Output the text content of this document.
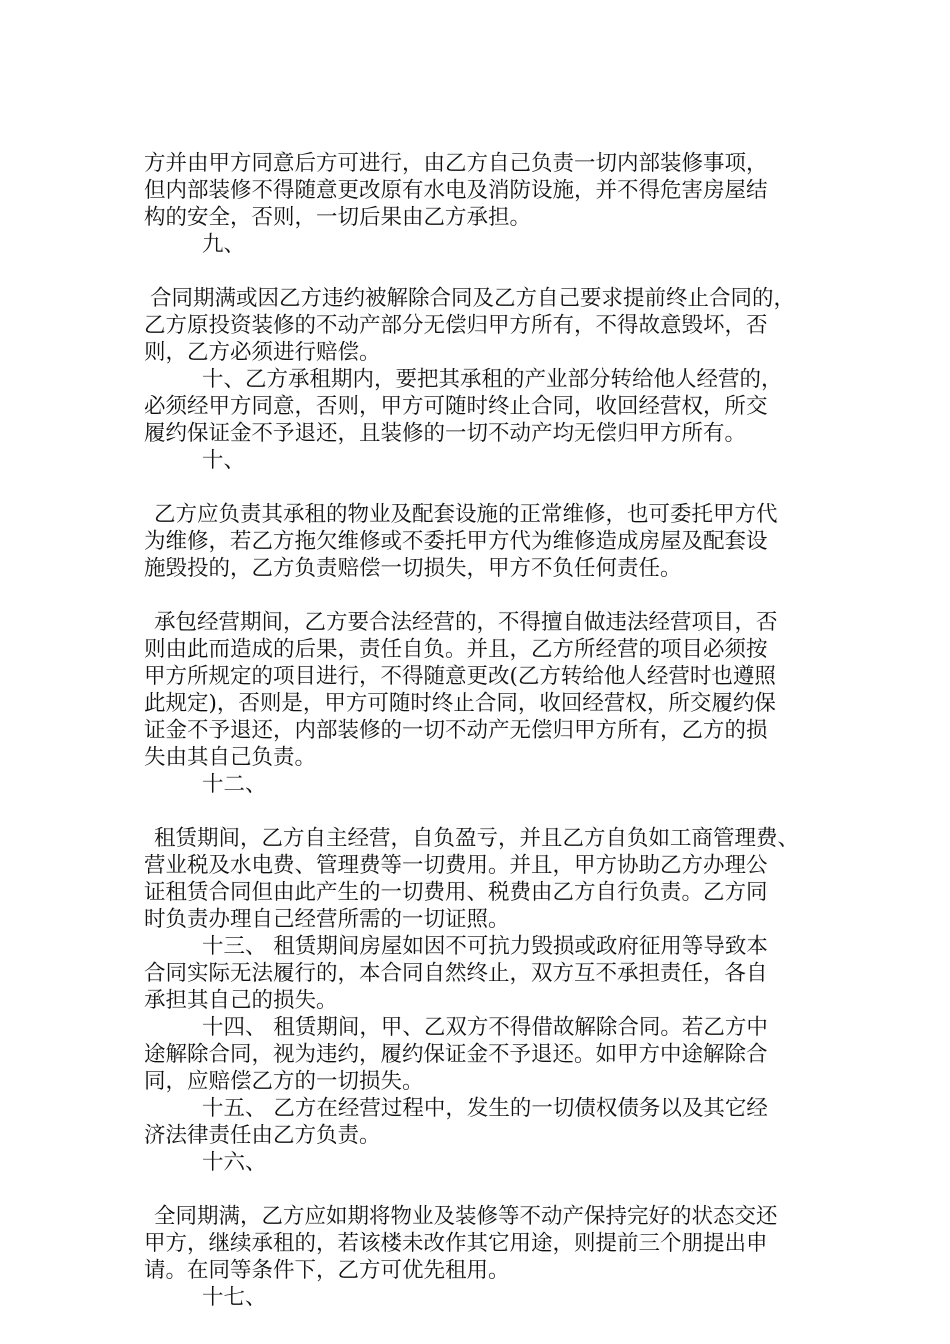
方并由甲方同意后方可进行，由乙方自己负责一切内部装修事项，
但内部装修不得随意更改原有水电及消防设施，并不得危害房屋结
构的安全，否则，一切后果由乙方承担。
九、
合同期满或因乙方违约被解除合同及乙方自己要求提前终止合同的，
乙方原投资装修的不动产部分无偿归甲方所有，不得故意毁坏，否
则，乙方必须进行赔偿。
十、乙方承租期内，要把其承租的产业部分转给他人经营的，
必须经甲方同意，否则，甲方可随时终止合同，收回经营权，所交
履约保证金不予退还，且装修的一切不动产均无偿归甲方所有。
十、
乙方应负责其承租的物业及配套设施的正常维修，也可委托甲方代
为维修，若乙方拖欠维修或不委托甲方代为维修造成房屋及配套设
施毁投的，乙方负责赔偿一切损失，甲方不负任何责任。
承包经营期间，乙方要合法经营的，不得擅自做违法经营项目，否
则由此而造成的后果，责任自负。并且，乙方所经营的项目必须按
甲方所规定的项目进行，不得随意更改(乙方转给他人经营时也遵照
此规定)，否则是，甲方可随时终止合同，收回经营权，所交履约保
证金不予退还，内部装修的一切不动产无偿归甲方所有，乙方的损
失由其自己负责。
十二、
租赁期间，乙方自主经营，自负盈亏，并且乙方自负如工商管理费、
营业税及水电费、管理费等一切费用。并且，甲方协助乙方办理公
证租赁合同但由此产生的一切费用、税费由乙方自行负责。乙方同
时负责办理自己经营所需的一切证照。
十三、 租赁期间房屋如因不可抗力毁损或政府征用等导致本
合同实际无法履行的，本合同自然终止，双方互不承担责任，各自
承担其自己的损失。
十四、 租赁期间，甲、乙双方不得借故解除合同。若乙方中
途解除合同，视为违约，履约保证金不予退还。如甲方中途解除合
同，应赔偿乙方的一切损失。
十五、 乙方在经营过程中，发生的一切债权债务以及其它经
济法律责任由乙方负责。
十六、
全同期满，乙方应如期将物业及装修等不动产保持完好的状态交还
甲方，继续承租的，若该楼未改作其它用途，则提前三个朋提出申
请。在同等条件下，乙方可优先租用。
十七、
